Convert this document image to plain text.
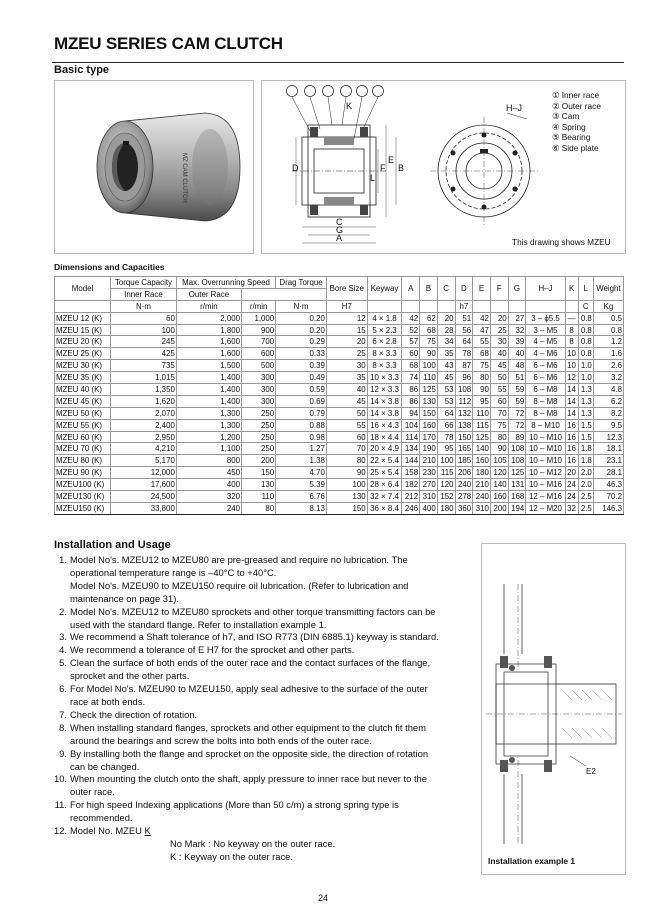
MZEU SERIES CAM CLUTCH
Basic type
MZ CAM CLUTCH	D
L
F
E
B
K
C
G
A
H–J
① Inner race
② Outer race
③ Cam
④ Spring
⑤ Bearing
⑥ Side plate
This drawing shows MZEU
Dimensions and Capacities
Model	Torque Capacity	Max. Overrunning Speed		Drag Torque	Bore Size	Keyway	A	B	C	D	E	F	G	H–J	K	L	Weight
	Inner Race	Outer Race														
	N·m	r/min	r/min	N·m	H7					h7						C	Kg
MZEU 12 (K)	60	2,000	1,000	0.20	12	4 × 1.8	42	62	20	51	42	20	27	3 – ϕ5.5	—	0.8	0.5
MZEU 15 (K)	100	1,800	900	0.20	15	5 × 2.3	52	68	28	56	47	25	32	3 – M5	8	0.8	0.8
MZEU 20 (K)	245	1,600	700	0.29	20	6 × 2.8	57	75	34	64	55	30	39	4 – M5	8	0.8	1.2
MZEU 25 (K)	425	1,600	600	0.33	25	8 × 3.3	60	90	35	78	68	40	40	4 – M6	10	0.8	1.6
MZEU 30 (K)	735	1,500	500	0.39	30	8 × 3.3	68	100	43	87	75	45	48	6 – M6	10	1.0	2.6
MZEU 35 (K)	1,015	1,400	300	0.49	35	10 × 3.3	74	110	45	96	80	50	51	6 – M6	12	1.0	3.2
MZEU 40 (K)	1,350	1,400	300	0.59	40	12 × 3.3	86	125	53	108	90	55	59	6 – M8	14	1.3	4.8
MZEU 45 (K)	1,620	1,400	300	0.69	45	14 × 3.8	86	130	53	112	95	60	59	8 – M8	14	1.3	6.2
MZEU 50 (K)	2,070	1,300	250	0.79	50	14 × 3.8	94	150	64	132	110	70	72	8 – M8	14	1.3	8.2
MZEU 55 (K)	2,400	1,300	250	0.88	55	16 × 4.3	104	160	66	138	115	75	72	8 – M10	16	1.5	9.5
MZEU 60 (K)	2,950	1,200	250	0.98	60	18 × 4.4	114	170	78	150	125	80	89	10 – M10	16	1.5	12.3
MZEU 70 (K)	4,210	1,100	250	1.27	70	20 × 4.9	134	190	95	165	140	90	108	10 – M10	16	1.8	18.1
MZEU 80 (K)	5,170	800	200	1.38	80	22 × 5.4	144	210	100	185	160	105	108	10 – M10	16	1.8	23.1
MZEU 90 (K)	12,000	450	150	4.70	90	25 × 5.4	158	230	115	206	180	120	125	10 – M12	20	2.0	28.1
MZEU100 (K)	17,600	400	130	5.39	100	28 × 6.4	182	270	120	240	210	140	131	10 – M16	24	2.0	46.3
MZEU130 (K)	24,500	320	110	6.76	130	32 × 7.4	212	310	152	278	240	160	168	12 – M16	24	2.5	70.2
MZEU150 (K)	33,800	240	80	8.13	150	36 × 8.4	246	400	180	360	310	200	194	12 – M20	32	2.5	146.3
Installation and Usage
1. Model No's. MZEU12 to MZEU80 are pre-greased and require no lubrication. The
operational temperature range is –40°C to +40°C.
Model No's. MZEU90 to MZEU150 require oil lubrication. (Refer to lubrication and
maintenance on page 31).
2. Model No's. MZEU12 to MZEU80 sprockets and other torque transmitting factors can be
used with the standard flange. Refer to installation example 1.
3. We recommend a Shaft tolerance of h7, and ISO R773 (DIN 6885.1) keyway is standard.
4. We recommend a tolerance of E H7 for the sprocket and other parts.
5. Clean the surface of both ends of the outer race and the contact surfaces of the flange,
sprocket and the other parts.
6. For Model No's. MZEU90 to MZEU150, apply seal adhesive to the surface of the outer
race at both ends.
7. Check the direction of rotation.
8. When installing standard flanges, sprockets and other equipment to the clutch fit them
around the bearings and screw the bolts into both ends of the outer race.
9. By installing both the flange and sprocket on the opposite side, the direction of rotation
can be changed.
10. When mounting the clutch onto the shaft, apply pressure to inner race but never to the
outer race.
11. For high speed Indexing applications (More than 50 c/m) a strong spring type is
recommended.
12. Model No. MZEU K
No Mark : No keyway on the outer race.
K : Keyway on the outer race.
E2
Installation example 1
24
